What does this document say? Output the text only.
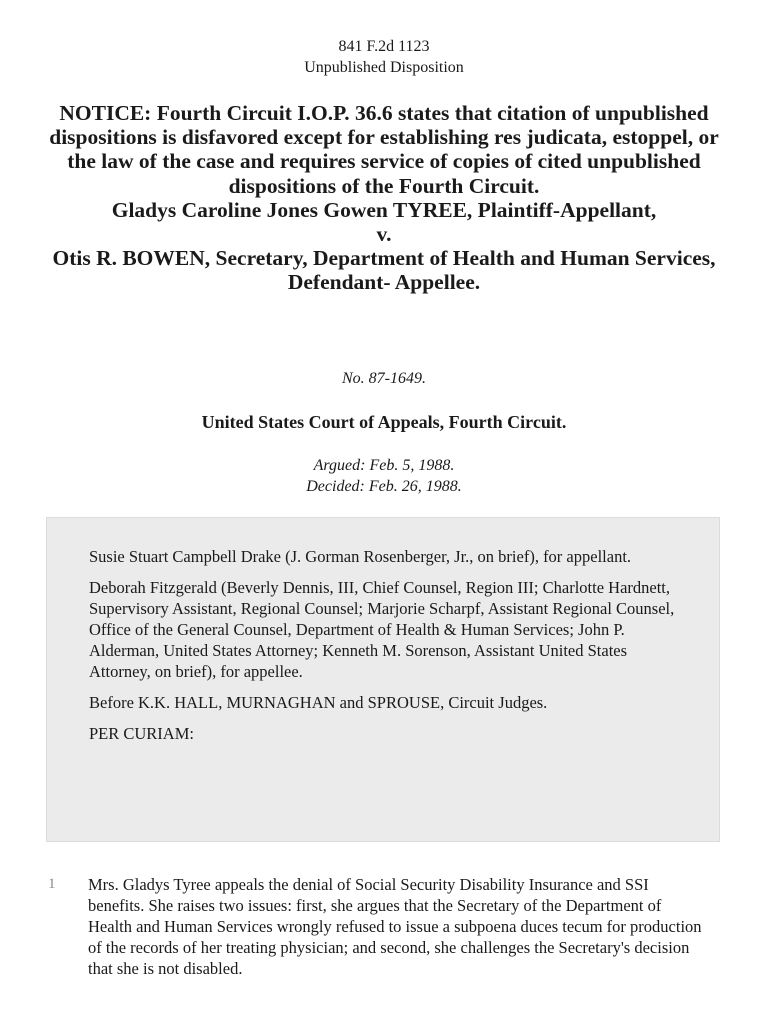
841 F.2d 1123
Unpublished Disposition
NOTICE: Fourth Circuit I.O.P. 36.6 states that citation of unpublished dispositions is disfavored except for establishing res judicata, estoppel, or the law of the case and requires service of copies of cited unpublished dispositions of the Fourth Circuit.
Gladys Caroline Jones Gowen TYREE, Plaintiff-Appellant,
v.
Otis R. BOWEN, Secretary, Department of Health and Human Services, Defendant- Appellee.
No. 87-1649.
United States Court of Appeals, Fourth Circuit.
Argued: Feb. 5, 1988.
Decided: Feb. 26, 1988.

Susie Stuart Campbell Drake (J. Gorman Rosenberger, Jr., on brief), for appellant.

Deborah Fitzgerald (Beverly Dennis, III, Chief Counsel, Region III; Charlotte Hardnett, Supervisory Assistant, Regional Counsel; Marjorie Scharpf, Assistant Regional Counsel, Office of the General Counsel, Department of Health & Human Services; John P. Alderman, United States Attorney; Kenneth M. Sorenson, Assistant United States Attorney, on brief), for appellee.

Before K.K. HALL, MURNAGHAN and SPROUSE, Circuit Judges.

PER CURIAM:

1 Mrs. Gladys Tyree appeals the denial of Social Security Disability Insurance and SSI benefits. She raises two issues: first, she argues that the Secretary of the Department of Health and Human Services wrongly refused to issue a subpoena duces tecum for production of the records of her treating physician; and second, she challenges the Secretary's decision that she is not disabled.
